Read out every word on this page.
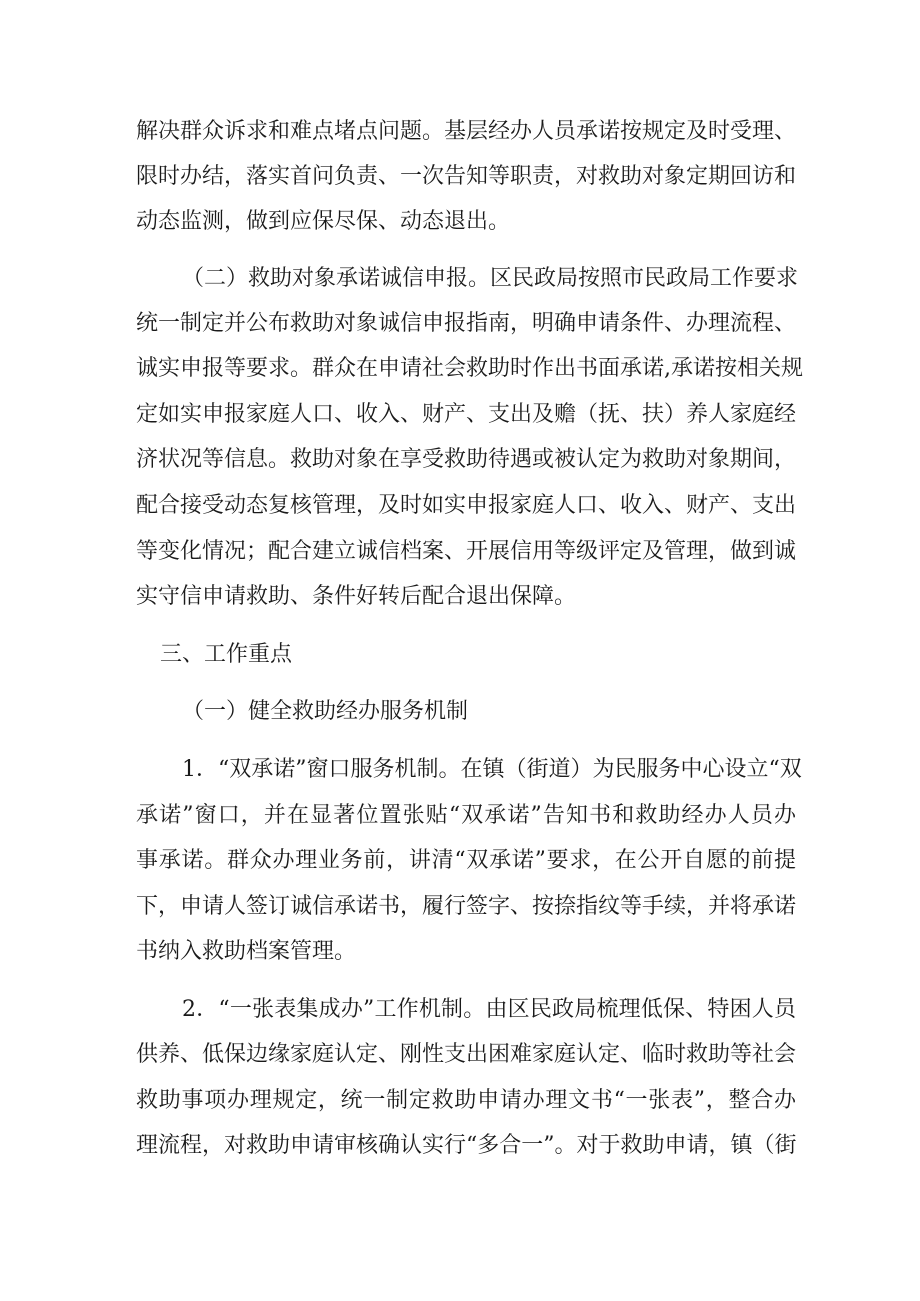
解决群众诉求和难点堵点问题。基层经办人员承诺按规定及时受理、
限时办结，落实首问负责、一次告知等职责，对救助对象定期回访和
动态监测，做到应保尽保、动态退出。
（二）救助对象承诺诚信申报。区民政局按照市民政局工作要求
统一制定并公布救助对象诚信申报指南，明确申请条件、办理流程、
诚实申报等要求。群众在申请社会救助时作出书面承诺,承诺按相关规
定如实申报家庭人口、收入、财产、支出及赡（抚、扶）养人家庭经
济状况等信息。救助对象在享受救助待遇或被认定为救助对象期间，
配合接受动态复核管理，及时如实申报家庭人口、收入、财产、支出
等变化情况；配合建立诚信档案、开展信用等级评定及管理，做到诚
实守信申请救助、条件好转后配合退出保障。
三、工作重点
（一）健全救助经办服务机制
1．“双承诺”窗口服务机制。在镇（街道）为民服务中心设立“双
承诺”窗口，并在显著位置张贴“双承诺”告知书和救助经办人员办
事承诺。群众办理业务前，讲清“双承诺”要求，在公开自愿的前提
下，申请人签订诚信承诺书，履行签字、按捺指纹等手续，并将承诺
书纳入救助档案管理。
2．“一张表集成办”工作机制。由区民政局梳理低保、特困人员
供养、低保边缘家庭认定、刚性支出困难家庭认定、临时救助等社会
救助事项办理规定，统一制定救助申请办理文书“一张表”，整合办
理流程，对救助申请审核确认实行“多合一”。对于救助申请，镇（街
